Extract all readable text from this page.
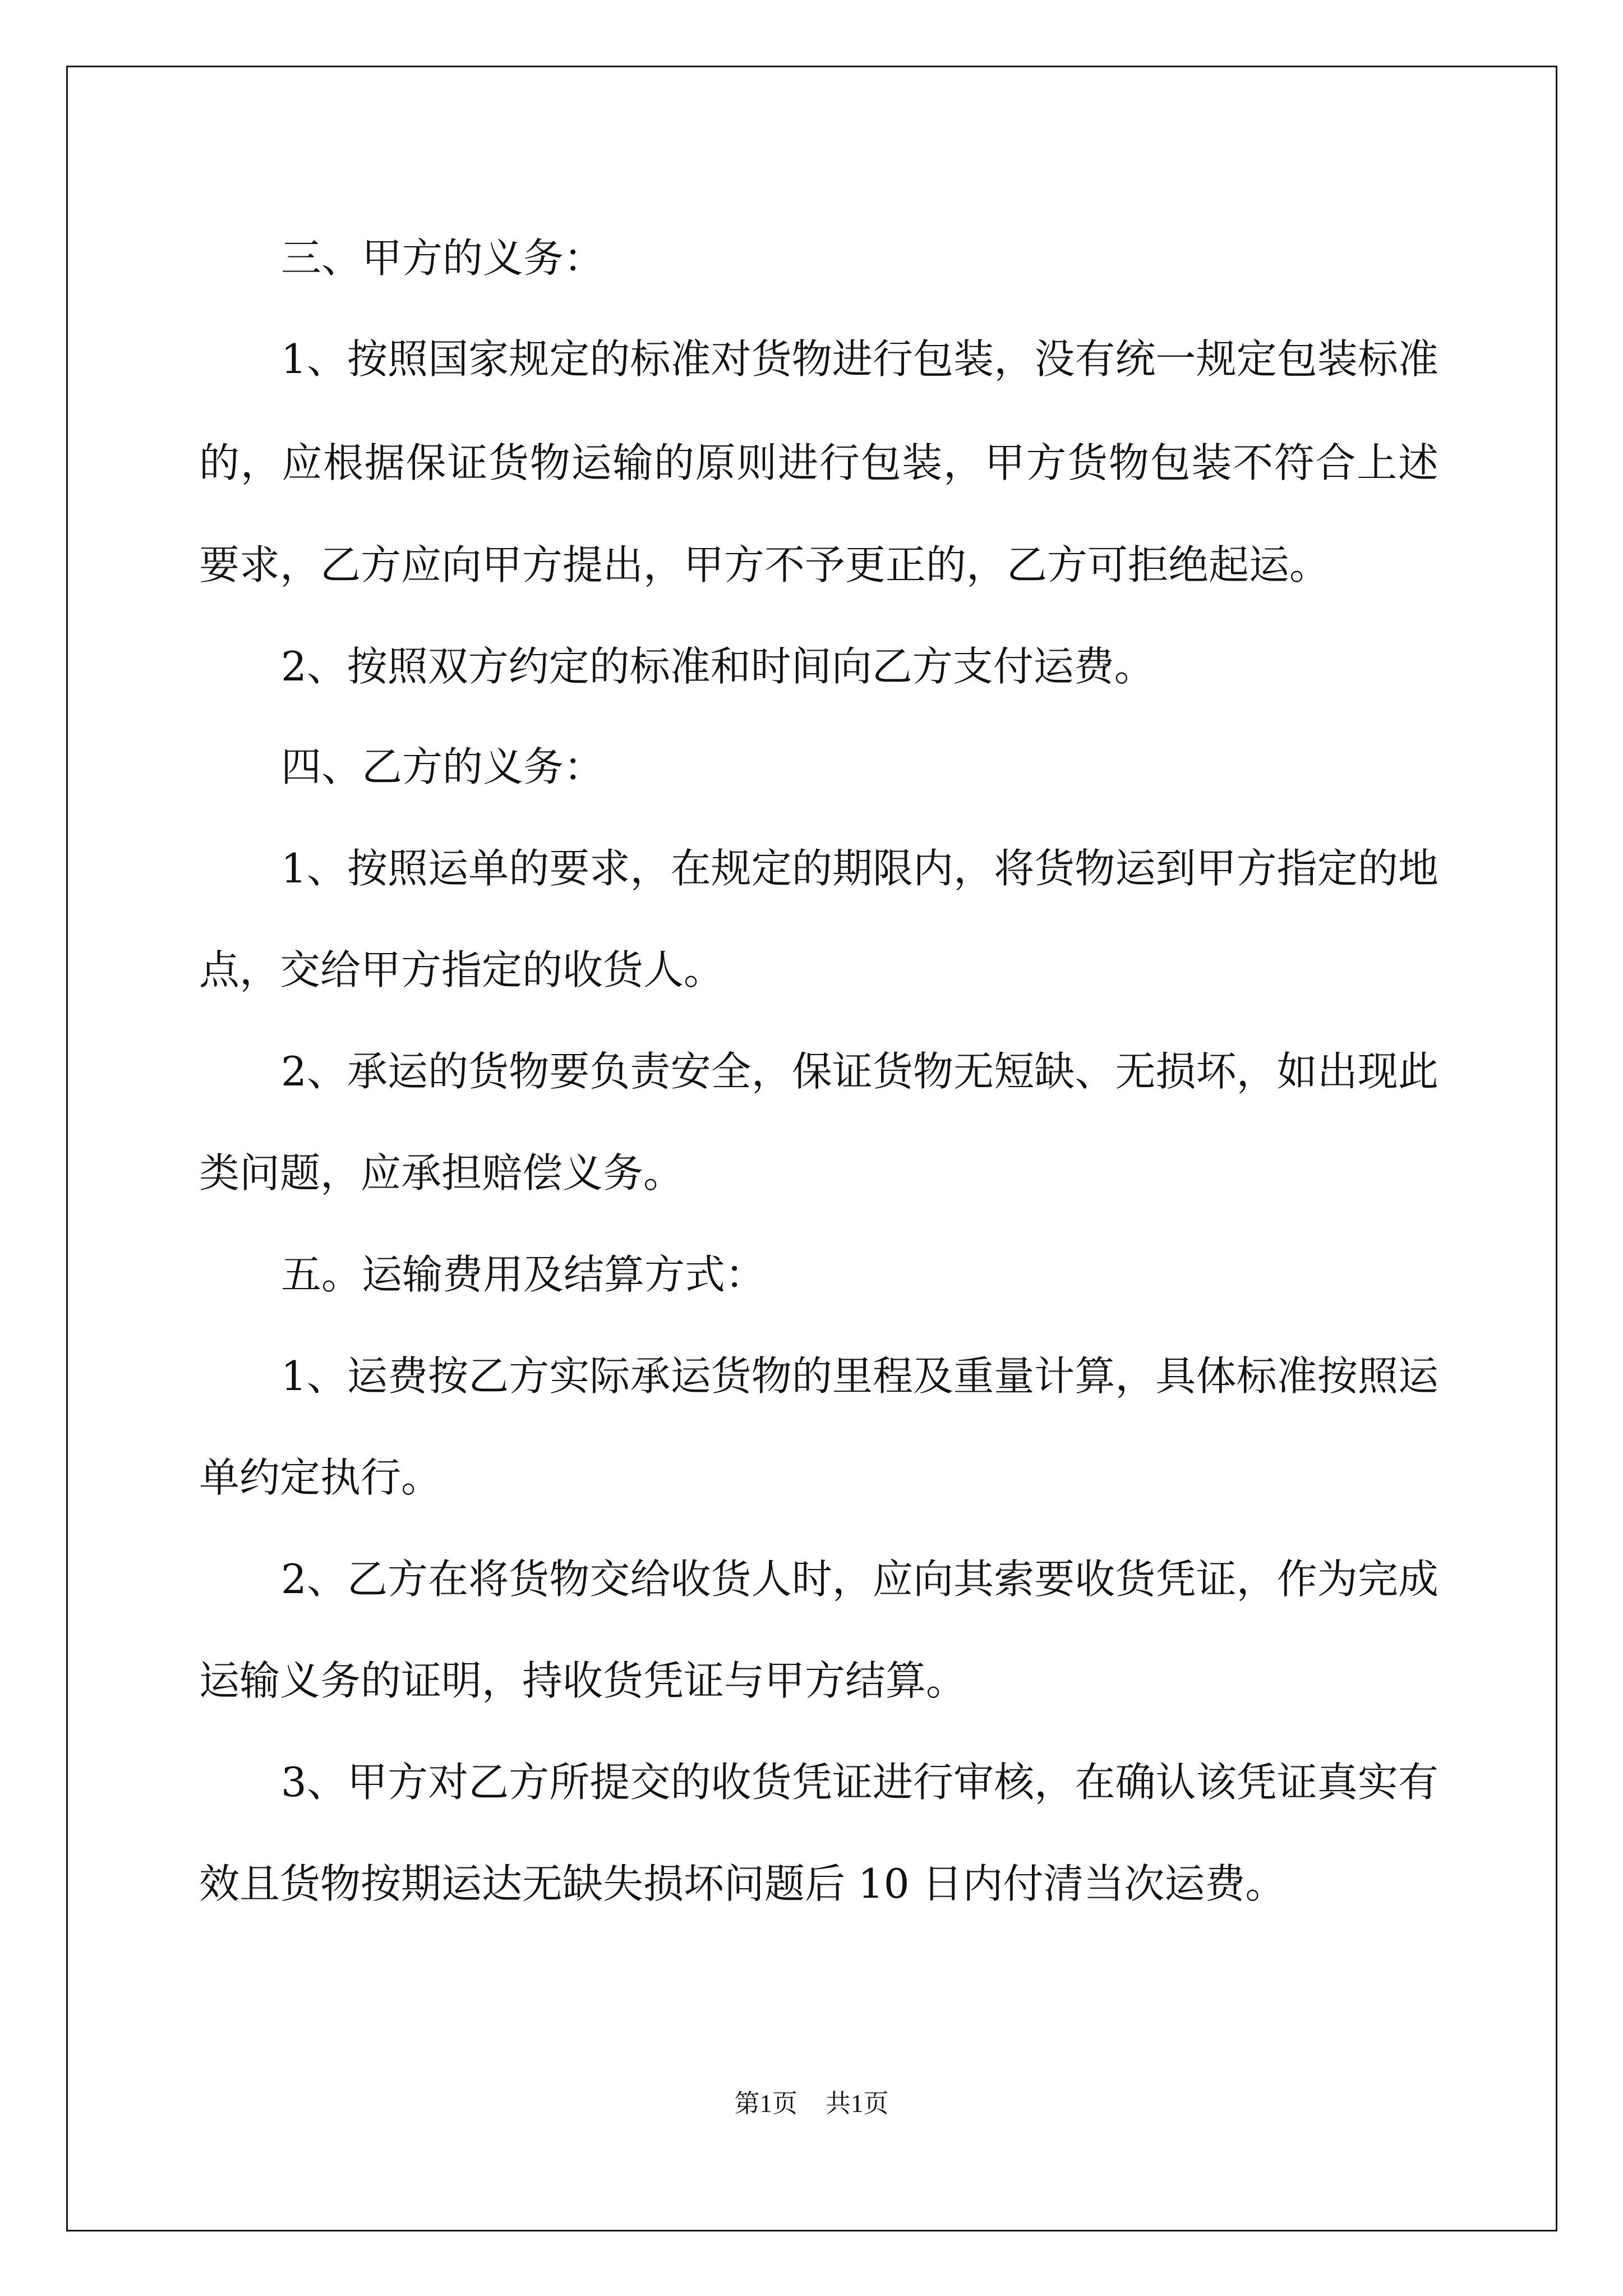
三、甲方的义务：
1、按照国家规定的标准对货物进行包装，没有统一规定包装标准
的，应根据保证货物运输的原则进行包装，甲方货物包装不符合上述
要求，乙方应向甲方提出，甲方不予更正的，乙方可拒绝起运。
2、按照双方约定的标准和时间向乙方支付运费。
四、乙方的义务：
1、按照运单的要求，在规定的期限内，将货物运到甲方指定的地
点，交给甲方指定的收货人。
2、承运的货物要负责安全，保证货物无短缺、无损坏，如出现此
类问题，应承担赔偿义务。
五。运输费用及结算方式：
1、运费按乙方实际承运货物的里程及重量计算，具体标准按照运
单约定执行。
2、乙方在将货物交给收货人时，应向其索要收货凭证，作为完成
运输义务的证明，持收货凭证与甲方结算。
3、甲方对乙方所提交的收货凭证进行审核，在确认该凭证真实有
效且货物按期运达无缺失损坏问题后 10 日内付清当次运费。
第1页 共1页
